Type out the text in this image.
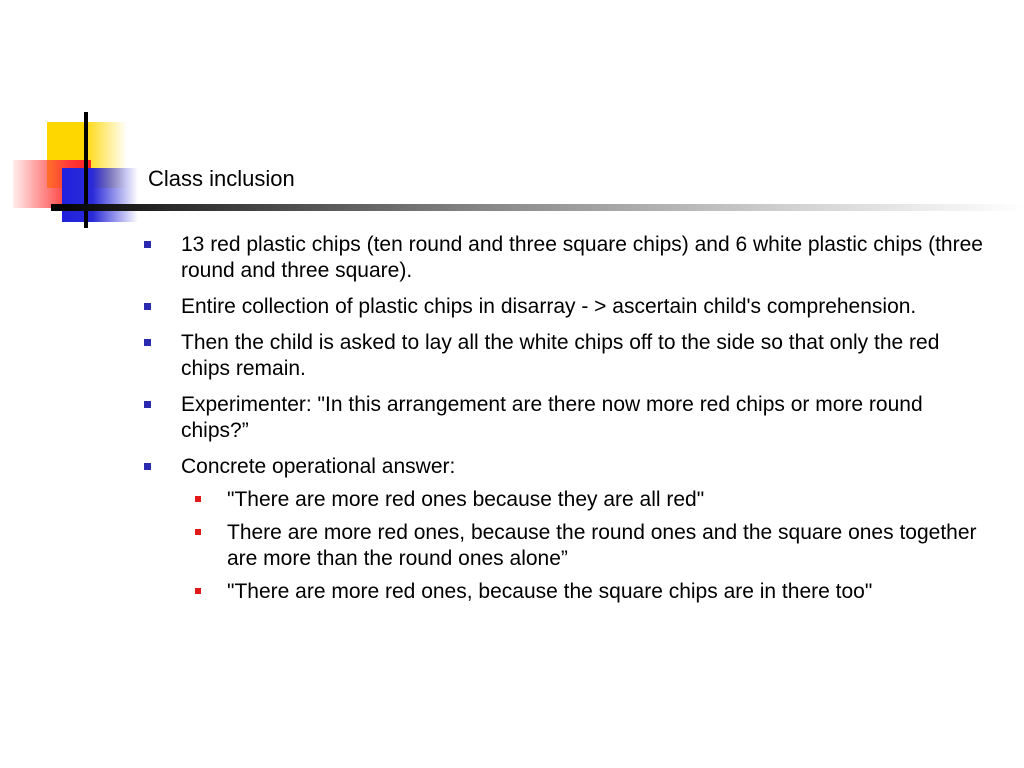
Class inclusion
13 red plastic chips (ten round and three square chips) and 6 white plastic chips (three round and three square).
Entire collection of plastic chips in disarray - > ascertain child's comprehension.
Then the child is asked to lay all the white chips off to the side so that only the red chips remain.
Experimenter: "In this arrangement are there now more red chips or more round chips?”
Concrete operational answer:
"There are more red ones because they are all red"
There are more red ones, because the round ones and the square ones together are more than the round ones alone”
"There are more red ones, because the square chips are in there too"
